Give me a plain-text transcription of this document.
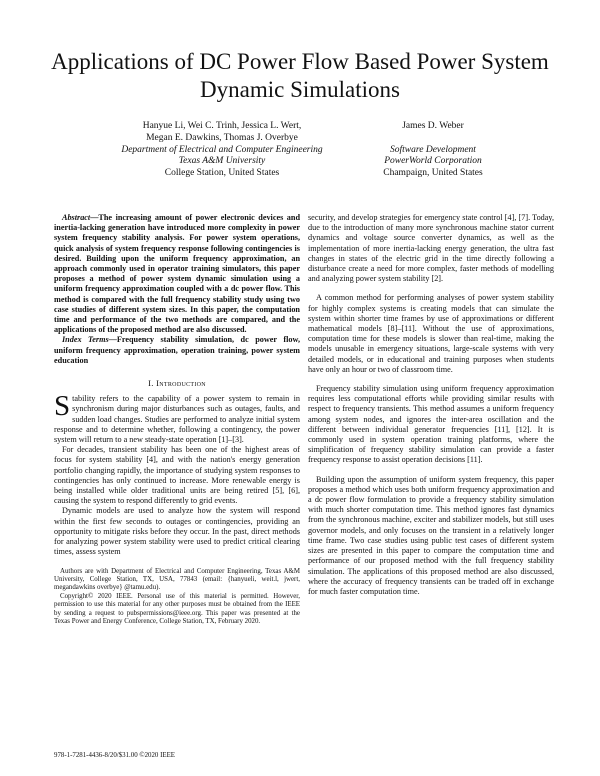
Applications of DC Power Flow Based Power System Dynamic Simulations
Hanyue Li, Wei C. Trinh, Jessica L. Wert,
Megan E. Dawkins, Thomas J. Overbye
Department of Electrical and Computer Engineering
Texas A&M University
College Station, United States
James D. Weber
Software Development
PowerWorld Corporation
Champaign, United States

Abstract—The increasing amount of power electronic devices and inertia-lacking generation have introduced more complexity in power system frequency stability analysis. For power system operations, quick analysis of system frequency response following contingencies is desired. Building upon the uniform frequency approximation, an approach commonly used in operator training simulators, this paper proposes a method of power system dynamic simulation using a uniform frequency approximation coupled with a dc power flow. This method is compared with the full frequency stability study using two case studies of different system sizes. In this paper, the computation time and performance of the two methods are compared, and the applications of the proposed method are also discussed.

Index Terms—Frequency stability simulation, dc power flow, uniform frequency approximation, operation training, power system education

I. Introduction

Stability refers to the capability of a power system to remain in synchronism during major disturbances such as outages, faults, and sudden load changes. Studies are performed to analyze initial system response and to determine whether, following a contingency, the power system will return to a new steady-state operation [1]–[3].

For decades, transient stability has been one of the highest areas of focus for system stability [4], and with the nation's energy generation portfolio changing rapidly, the importance of studying system responses to contingencies has only continued to increase. More renewable energy is being installed while older traditional units are being retired [5], [6], causing the system to respond differently to grid events.

Dynamic models are used to analyze how the system will respond within the first few seconds to outages or contingencies, providing an opportunity to mitigate risks before they occur. In the past, direct methods for analyzing power system stability were used to predict critical clearing times, assess system

Authors are with Department of Electrical and Computer Engineering, Texas A&M University, College Station, TX, USA, 77843 (email: {hanyueli, weit.l, jwert, megandawkins overbye} @tamu.edu).

Copyright© 2020 IEEE. Personal use of this material is permitted. However, permission to use this material for any other purposes must be obtained from the IEEE by sending a request to pubspermissions@ieee.org. This paper was presented at the Texas Power and Energy Conference, College Station, TX, February 2020.

security, and develop strategies for emergency state control [4], [7]. Today, due to the introduction of many more synchronous machine stator current dynamics and voltage source converter dynamics, as well as the implementation of more inertia-lacking energy generation, the ultra fast changes in states of the electric grid in the time directly following a disturbance create a need for more complex, faster methods of modelling and analyzing power system stability [2].

A common method for performing analyses of power system stability for highly complex systems is creating models that can simulate the system within shorter time frames by use of approximations or different mathematical models [8]–[11]. Without the use of approximations, computation time for these models is slower than real-time, making the models unusable in emergency situations, large-scale systems with very detailed models, or in educational and training purposes when students have only an hour or two of classroom time.

Frequency stability simulation using uniform frequency approximation requires less computational efforts while providing similar results with respect to frequency transients. This method assumes a uniform frequency among system nodes, and ignores the inter-area oscillation and the different between individual generator frequencies [11], [12]. It is commonly used in system operation training platforms, where the simplification of frequency stability simulation can provide a faster frequency response to assist operation decisions [11].

Building upon the assumption of uniform system frequency, this paper proposes a method which uses both uniform frequency approximation and a dc power flow formulation to provide a frequency stability simulation with much shorter computation time. This method ignores fast dynamics from the synchronous machine, exciter and stabilizer models, but still uses governor models, and only focuses on the transient in a relatively longer time frame. Two case studies using public test cases of different system sizes are presented in this paper to compare the computation time and performance of our proposed method with the full frequency stability simulation. The applications of this proposed method are also discussed, where the accuracy of frequency transients can be traded off in exchange for much faster computation time.

978-1-7281-4436-8/20/$31.00 ©2020 IEEE
